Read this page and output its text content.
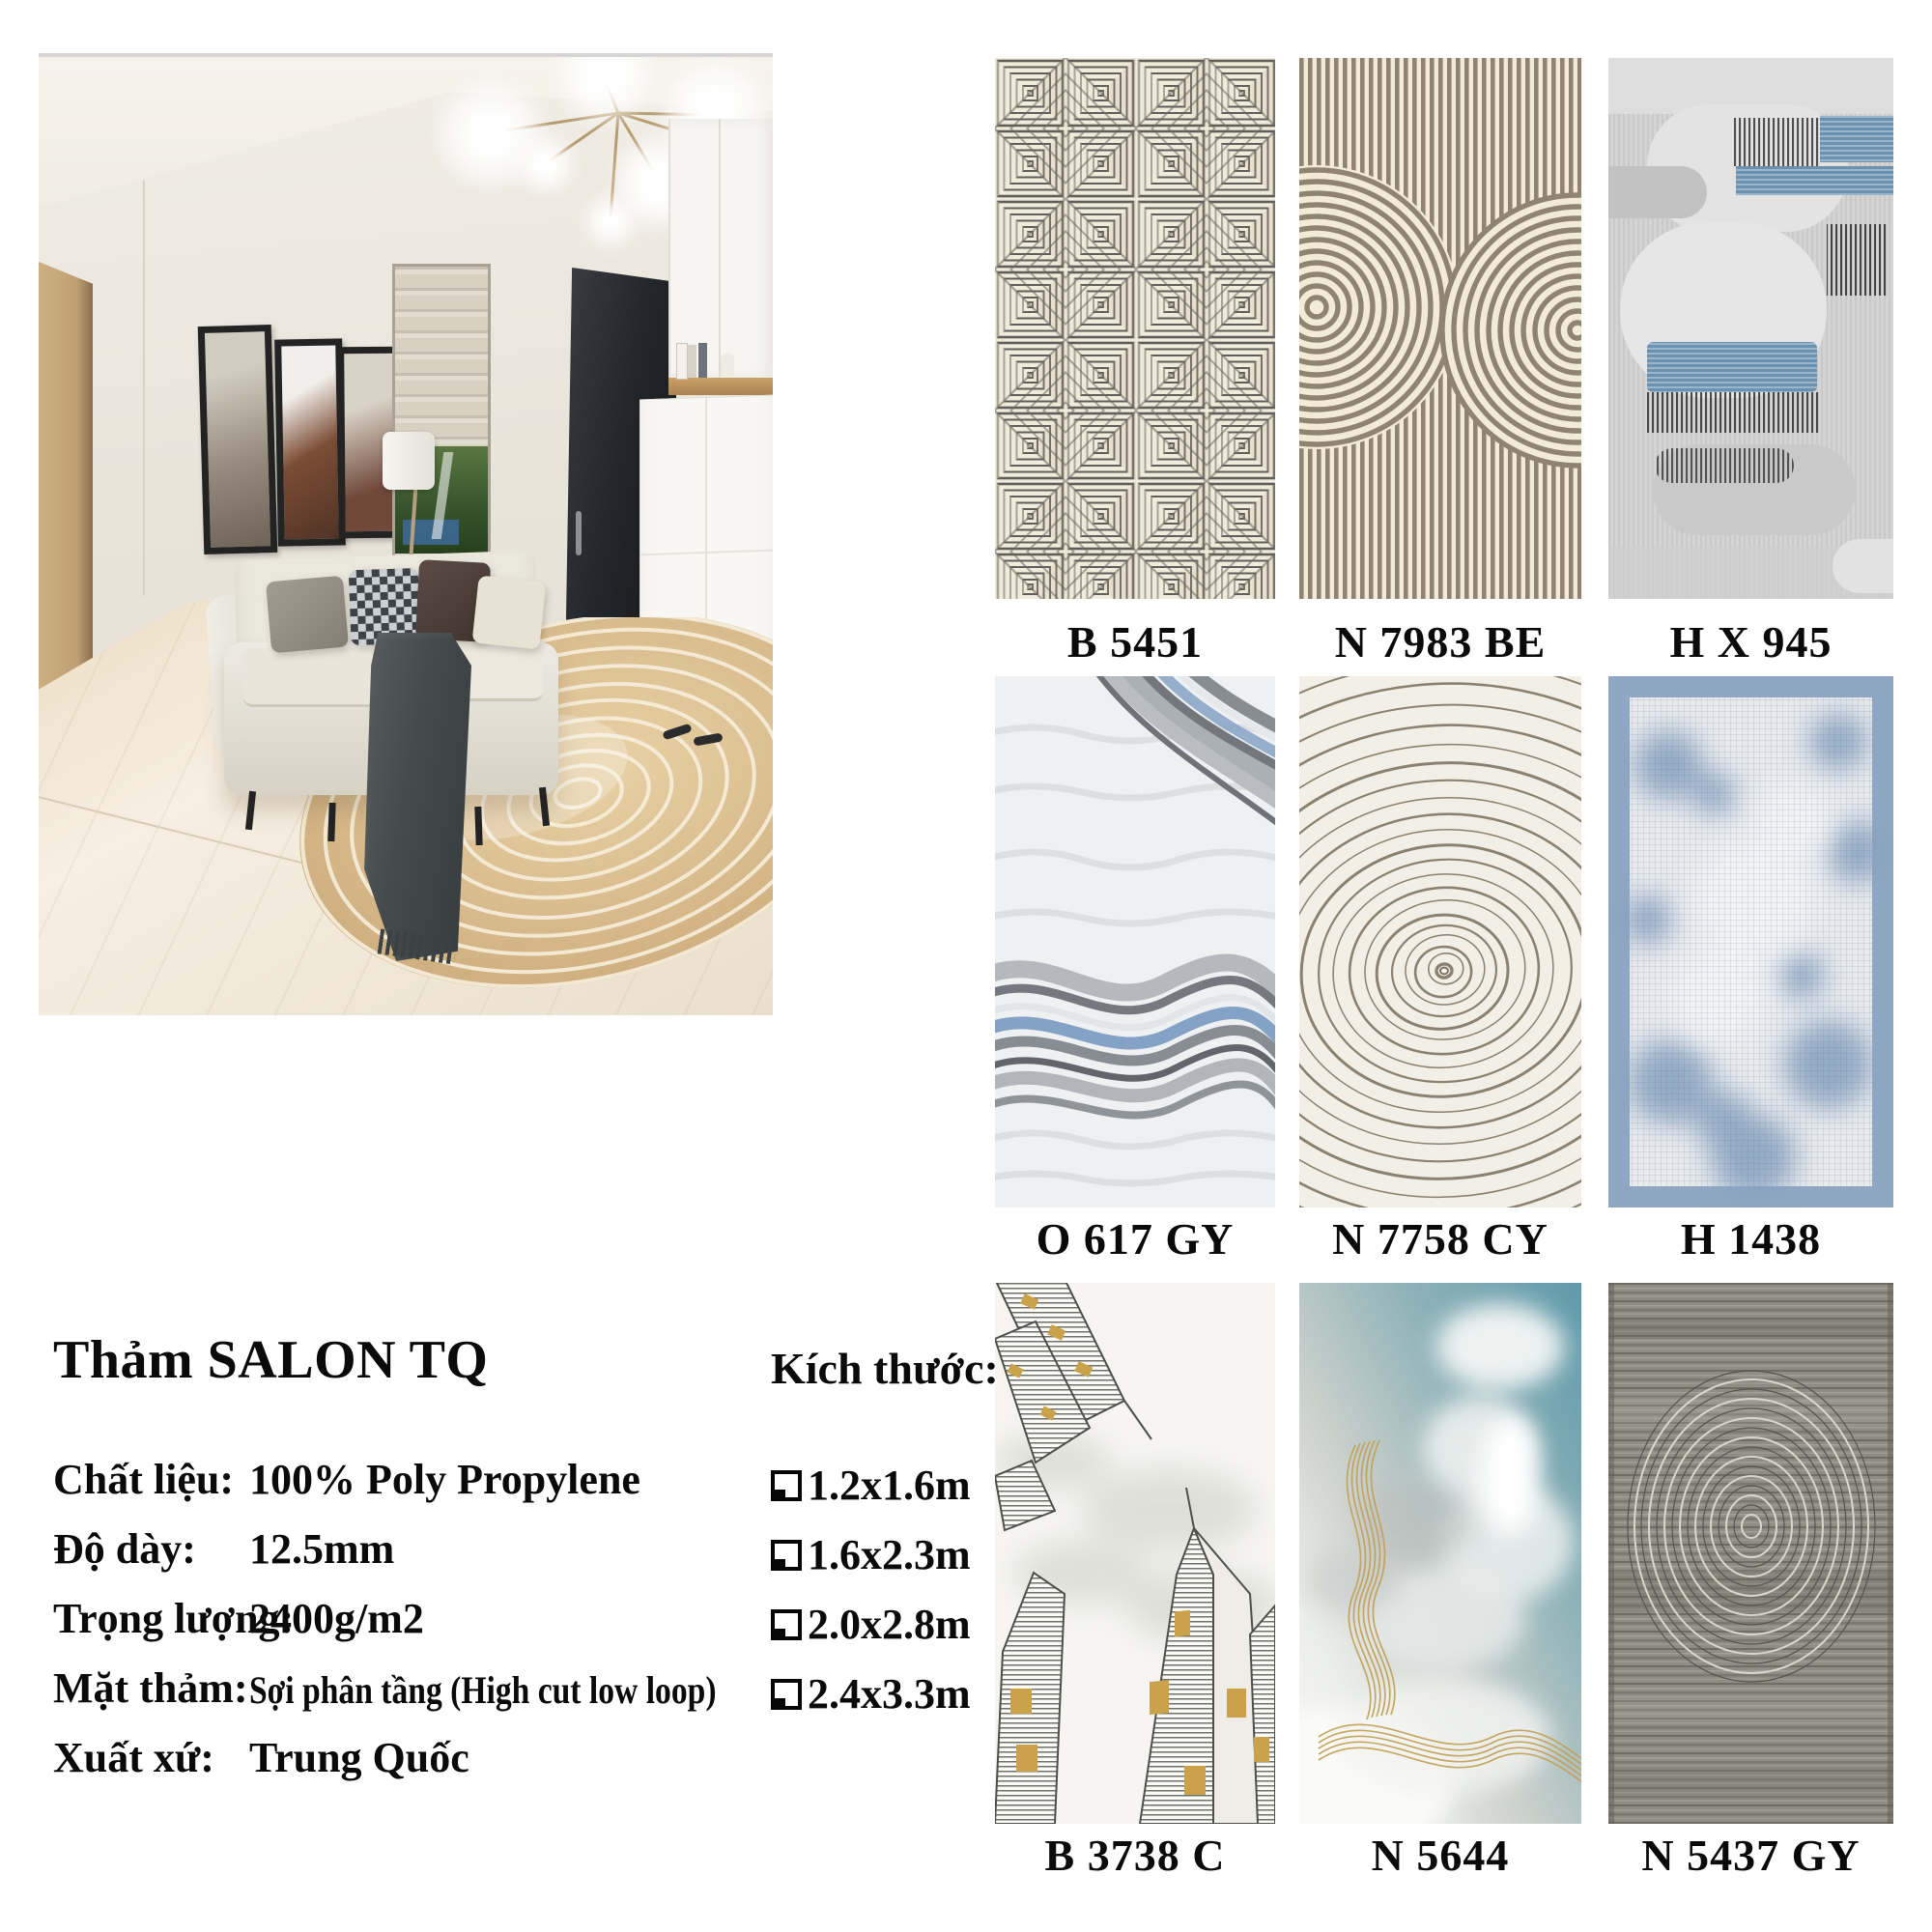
B 5451	N 7983 BE	H X 945
O 617 GY	N 7758 CY	H 1438
B 3738 C	N 5644	N 5437 GY
Thảm SALON TQ	Kích thước:
Chất liệu: 100% Poly Propylene
Độ dày: 12.5mm
Trọng lượng:
2400g/m2
Mặt thảm: Sợi phân tầng (High cut low loop)
Xuất xứ: Trung Quốc
1.2x1.6m
1.6x2.3m
2.0x2.8m
2.4x3.3m
